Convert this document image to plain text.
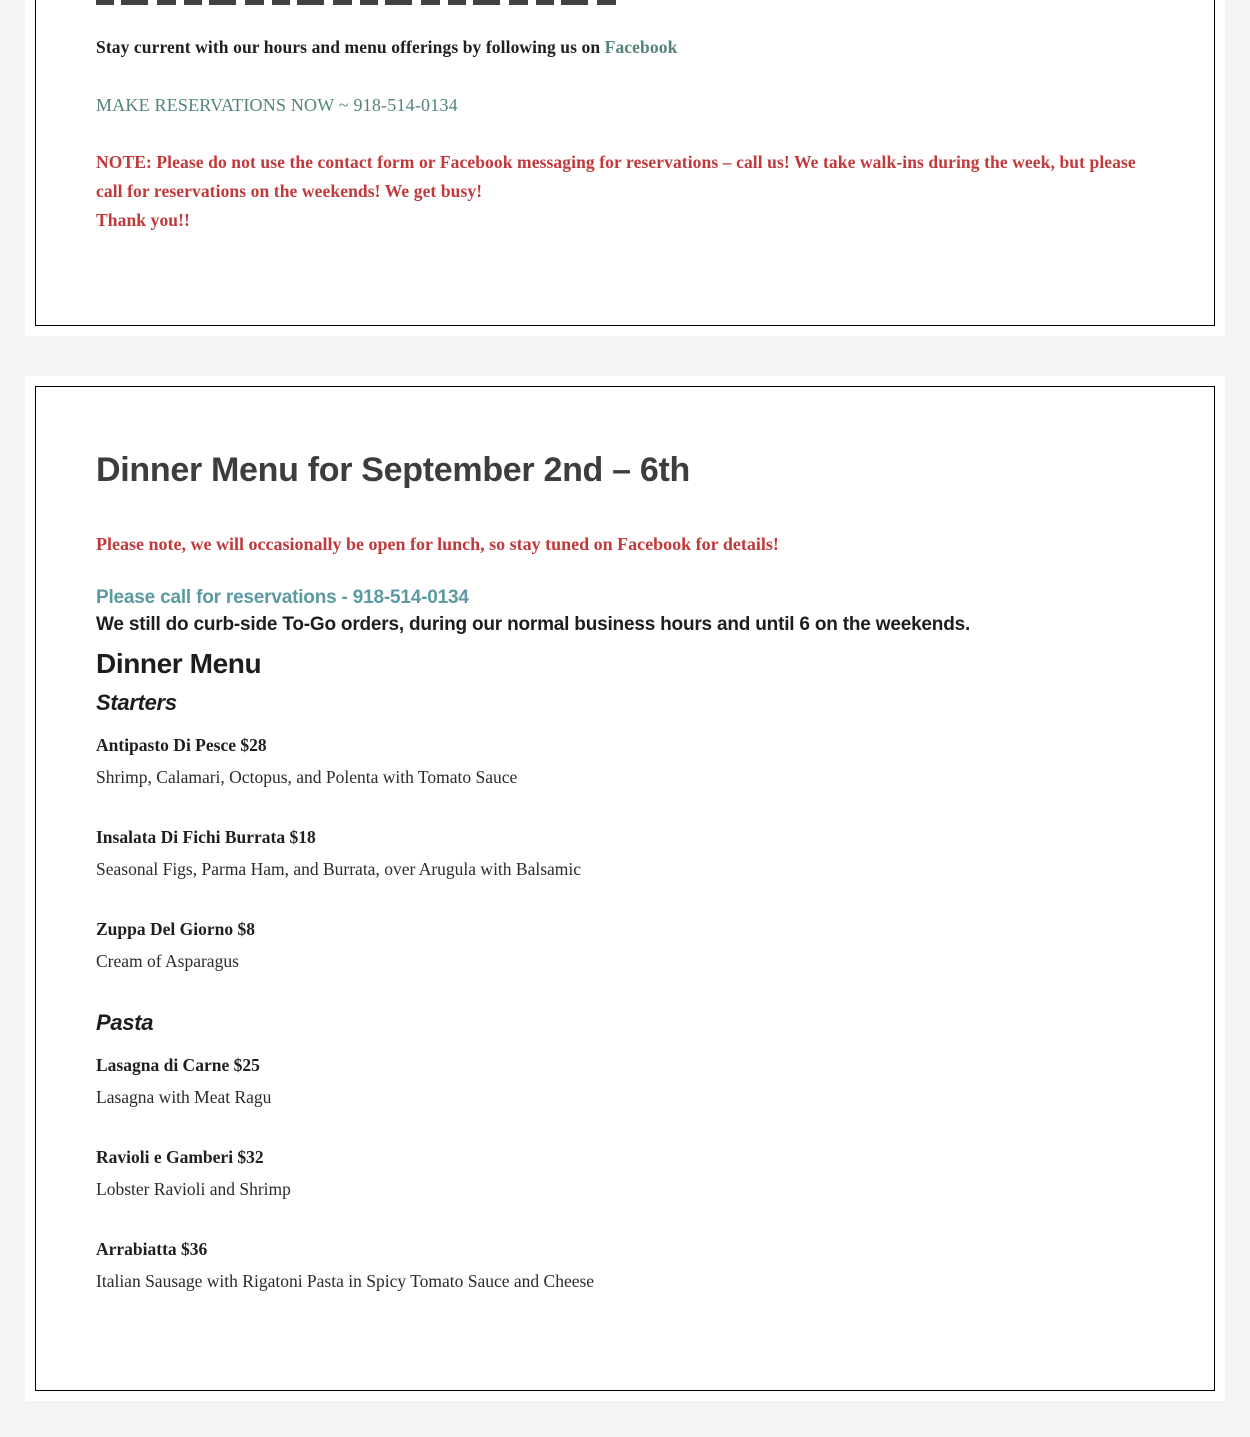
Stay current with our hours and menu offerings by following us on Facebook

MAKE RESERVATIONS NOW ~ 918-514-0134

NOTE: Please do not use the contact form or Facebook messaging for reservations – call us! We take walk-ins during the week, but please call for reservations on the weekends! We get busy!
Thank you!!

Dinner Menu for September 2nd – 6th

Please note, we will occasionally be open for lunch, so stay tuned on Facebook for details!

Please call for reservations - 918-514-0134

We still do curb-side To-Go orders, during our normal business hours and until 6 on the weekends.

Dinner Menu
Starters

Antipasto Di Pesce $28

Shrimp, Calamari, Octopus, and Polenta with Tomato Sauce

Insalata Di Fichi Burrata $18

Seasonal Figs, Parma Ham, and Burrata, over Arugula with Balsamic

Zuppa Del Giorno $8

Cream of Asparagus

Pasta

Lasagna di Carne $25

Lasagna with Meat Ragu

Ravioli e Gamberi $32

Lobster Ravioli and Shrimp

Arrabiatta $36

Italian Sausage with Rigatoni Pasta in Spicy Tomato Sauce and Cheese
